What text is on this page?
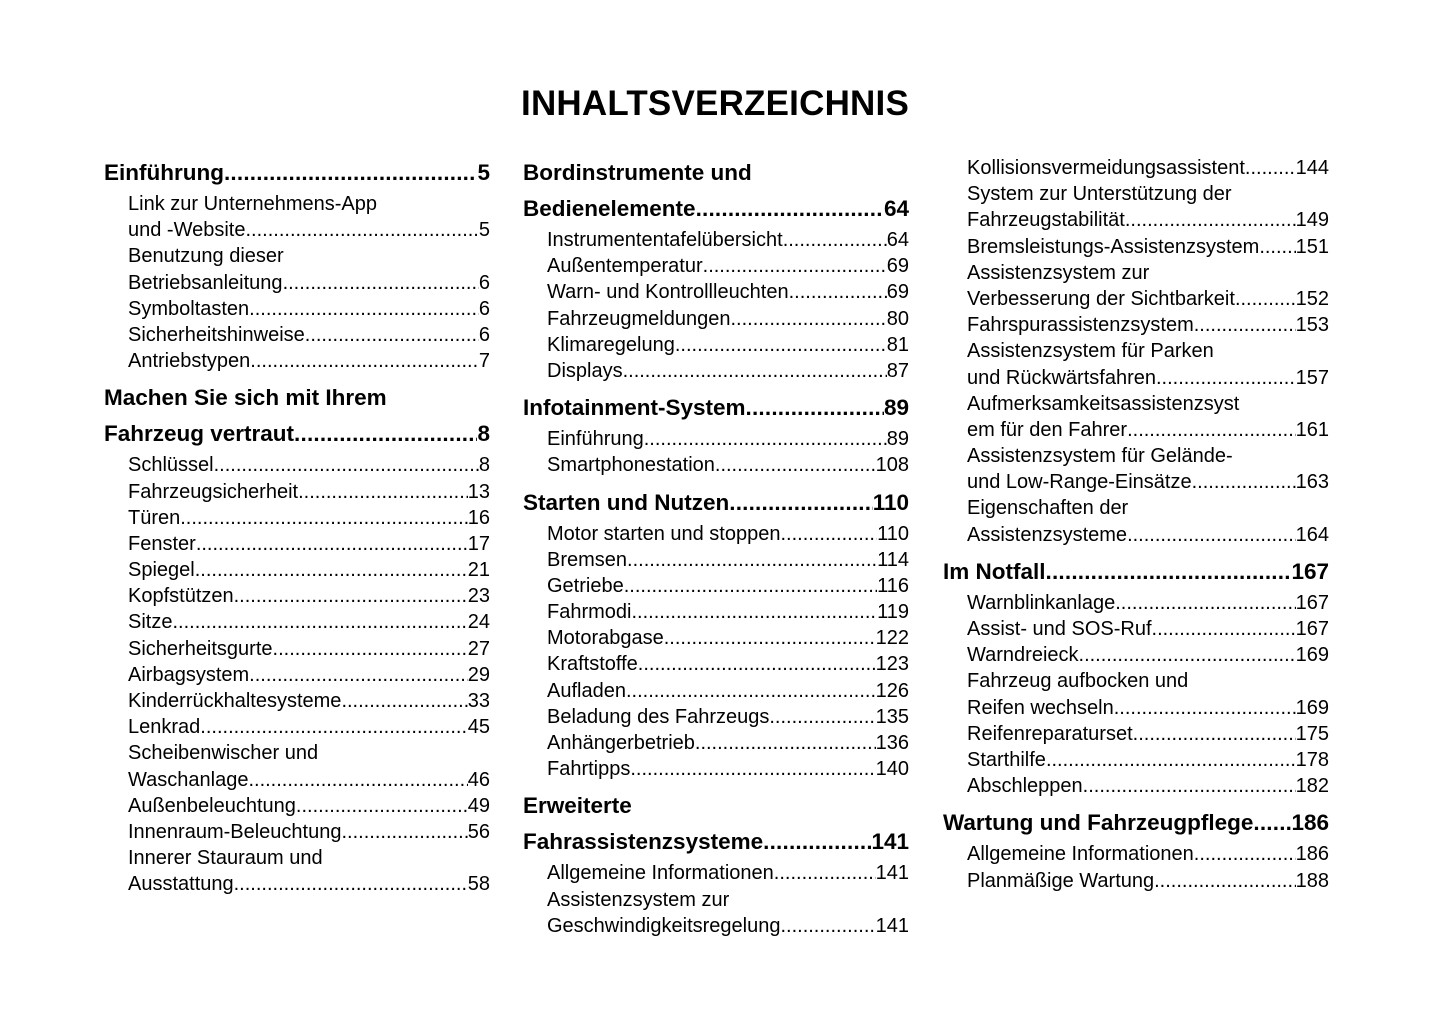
INHALTSVERZEICHNIS
Einführung .....	5
Link zur Unternehmens-App
und -Website .....	5
Benutzung dieser
Betriebsanleitung .....	6
Symboltasten .....	6
Sicherheitshinweise .....	6
Antriebstypen .....	7
Machen Sie sich mit Ihrem
Fahrzeug vertraut .....	8
Schlüssel .....	8
Fahrzeugsicherheit .....	13
Türen .....	16
Fenster .....	17
Spiegel .....	21
Kopfstützen .....	23
Sitze .....	24
Sicherheitsgurte .....	27
Airbagsystem .....	29
Kinderrückhaltesysteme .....	33
Lenkrad .....	45
Scheibenwischer und
Waschanlage .....	46
Außenbeleuchtung .....	49
Innenraum-Beleuchtung .....	56
Innerer Stauraum und
Ausstattung .....	58
Bordinstrumente und
Bedienelemente .....	64
Instrumententafelübersicht .....	64
Außentemperatur .....	69
Warn- und Kontrollleuchten .....	69
Fahrzeugmeldungen .....	80
Klimaregelung .....	81
Displays .....	87
Infotainment-System .....	89
Einführung .....	89
Smartphonestation .....	108
Starten und Nutzen .....	110
Motor starten und stoppen .....	110
Bremsen .....	114
Getriebe .....	116
Fahrmodi .....	119
Motorabgase .....	122
Kraftstoffe .....	123
Aufladen .....	126
Beladung des Fahrzeugs .....	135
Anhängerbetrieb .....	136
Fahrtipps .....	140
Erweiterte
Fahrassistenzsysteme .....	141
Allgemeine Informationen .....	141
Assistenzsystem zur
Geschwindigkeitsregelung .....	141
Kollisionsvermeidungsassistent .....	144
System zur Unterstützung der
Fahrzeugstabilität .....	149
Bremsleistungs-Assistenzsystem ..... 151
Assistenzsystem zur
Verbesserung der Sichtbarkeit .....	152
Fahrspurassistenzsystem .....	153
Assistenzsystem für Parken
und Rückwärtsfahren .....	157
Aufmerksamkeitsassistenzsyst
em für den Fahrer .....	161
Assistenzsystem für Gelände-
und Low-Range-Einsätze .....	163
Eigenschaften der
Assistenzsysteme .....	164
Im Notfall .....	167
Warnblinkanlage .....	167
Assist- und SOS-Ruf .....	167
Warndreieck .....	169
Fahrzeug aufbocken und
Reifen wechseln .....	169
Reifenreparaturset .....	175
Starthilfe .....	178
Abschleppen .....	182
Wartung und Fahrzeugpflege ..... 186
Allgemeine Informationen .....	186
Planmäßige Wartung .....	188
